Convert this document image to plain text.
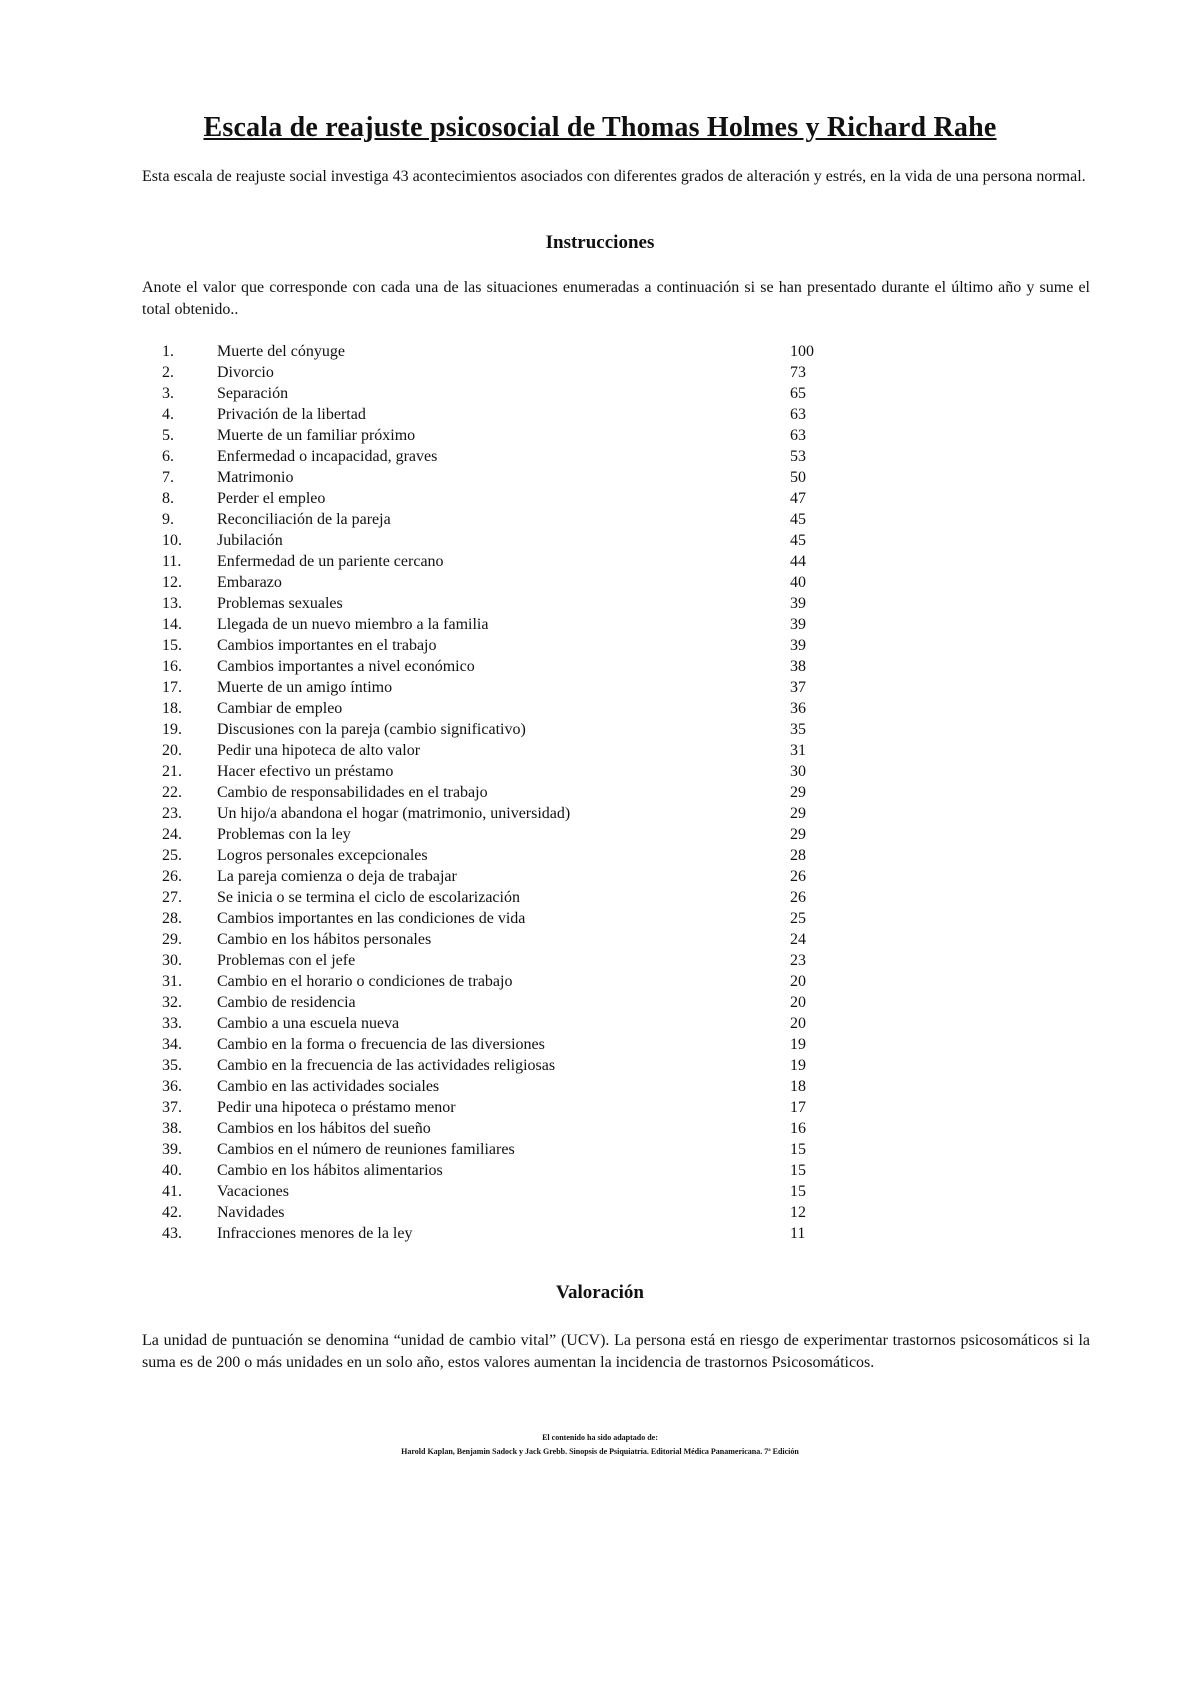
Escala de reajuste psicosocial de Thomas Holmes y Richard Rahe

Esta escala de reajuste social investiga 43 acontecimientos asociados con diferentes grados de alteración y estrés, en la vida de una persona normal.

Instrucciones

Anote el valor que corresponde con cada una de las situaciones enumeradas a continuación si se han presentado durante el último año y sume el total obtenido..

1.	Muerte del cónyuge	100
2.	Divorcio	73
3.	Separación	65
4.	Privación de la libertad	63
5.	Muerte de un familiar próximo	63
6.	Enfermedad o incapacidad, graves	53
7.	Matrimonio	50
8.	Perder el empleo	47
9.	Reconciliación de la pareja	45
10.	Jubilación	45
11.	Enfermedad de un pariente cercano	44
12.	Embarazo	40
13.	Problemas sexuales	39
14.	Llegada de un nuevo miembro a la familia	39
15.	Cambios importantes en el trabajo	39
16.	Cambios importantes a nivel económico	38
17.	Muerte de un amigo íntimo	37
18.	Cambiar de empleo	36
19.	Discusiones con la pareja (cambio significativo)	35
20.	Pedir una hipoteca de alto valor	31
21.	Hacer efectivo un préstamo	30
22.	Cambio de responsabilidades en el trabajo	29
23.	Un hijo/a abandona el hogar (matrimonio, universidad)	29
24.	Problemas con la ley	29
25.	Logros personales excepcionales	28
26.	La pareja comienza o deja de trabajar	26
27.	Se inicia o se termina el ciclo de escolarización	26
28.	Cambios importantes en las condiciones de vida	25
29.	Cambio en los hábitos personales	24
30.	Problemas con el jefe	23
31.	Cambio en el horario o condiciones de trabajo	20
32.	Cambio de residencia	20
33.	Cambio a una escuela nueva	20
34.	Cambio en la forma o frecuencia de las diversiones	19
35.	Cambio en la frecuencia de las actividades religiosas	19
36.	Cambio en las actividades sociales	18
37.	Pedir una hipoteca o préstamo menor	17
38.	Cambios en los hábitos del sueño	16
39.	Cambios en el número de reuniones familiares	15
40.	Cambio en los hábitos alimentarios	15
41.	Vacaciones	15
42.	Navidades	12
43.	Infracciones menores de la ley	11
Valoración

La unidad de puntuación se denomina “unidad de cambio vital” (UCV). La persona está en riesgo de experimentar trastornos psicosomáticos si la suma es de 200 o más unidades en un solo año, estos valores aumentan la incidencia de trastornos Psicosomáticos.

El contenido ha sido adaptado de:

Harold Kaplan, Benjamin Sadock y Jack Grebb. Sinopsis de Psiquiatría. Editorial Médica Panamericana. 7ª Edición
